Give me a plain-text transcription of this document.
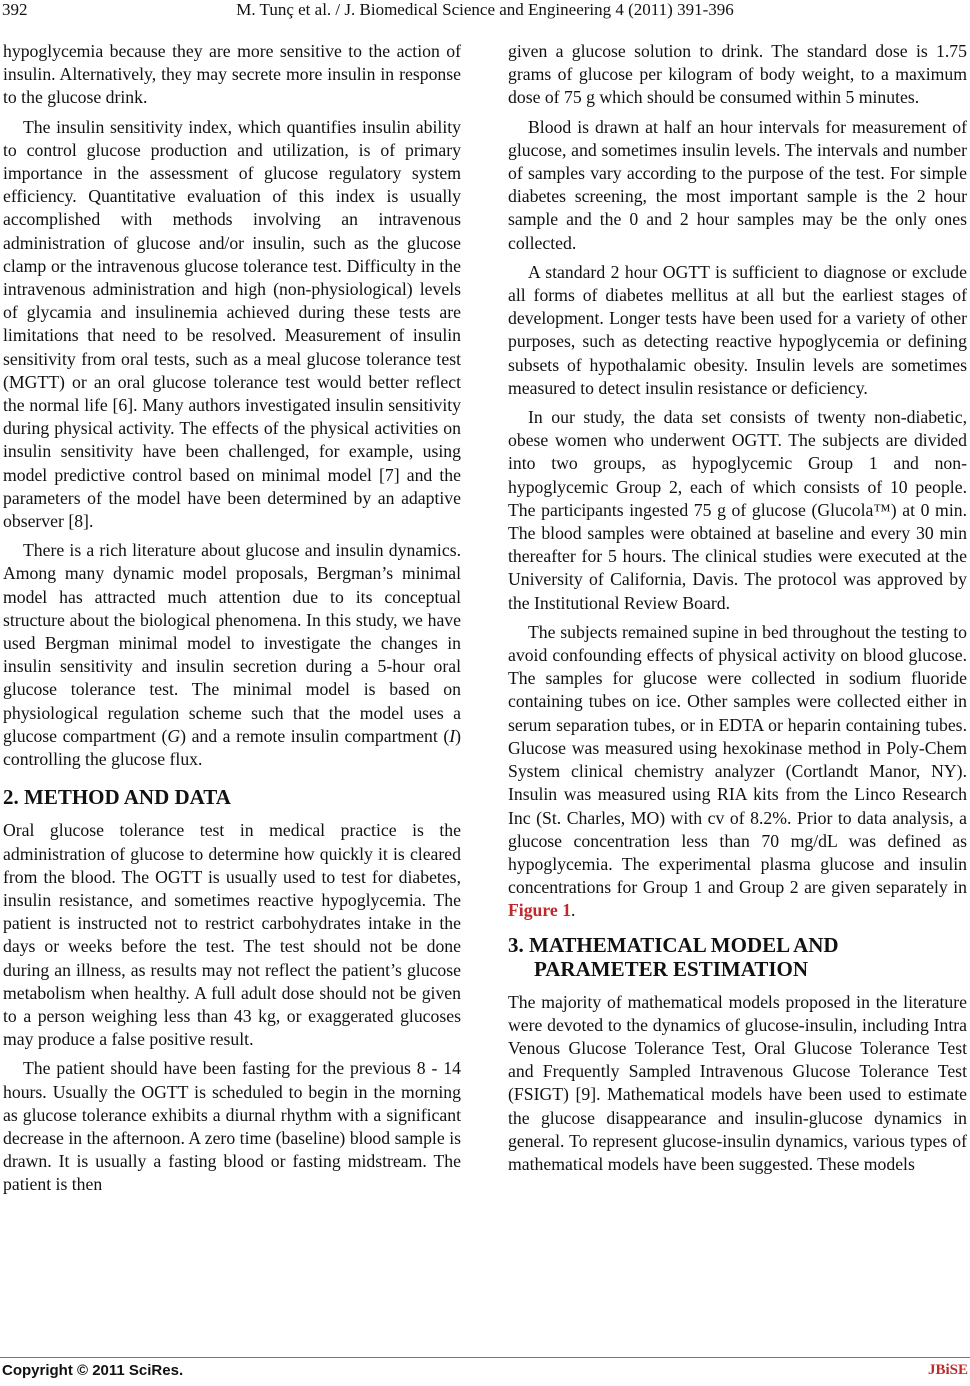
392	M. Tunç et al. / J. Biomedical Science and Engineering 4 (2011) 391-396

hypoglycemia because they are more sensitive to the action of insulin. Alternatively, they may secrete more insulin in response to the glucose drink.

The insulin sensitivity index, which quantifies insulin ability to control glucose production and utilization, is of primary importance in the assessment of glucose regulatory system efficiency. Quantitative evaluation of this index is usually accomplished with methods involving an intravenous administration of glucose and/or insulin, such as the glucose clamp or the intravenous glucose tolerance test. Difficulty in the intravenous administration and high (non-physiological) levels of glycamia and insulinemia achieved during these tests are limitations that need to be resolved. Measurement of insulin sensitivity from oral tests, such as a meal glucose tolerance test (MGTT) or an oral glucose tolerance test would better reflect the normal life [6]. Many authors investigated insulin sensitivity during physical activity. The effects of the physical activities on insulin sensitivity have been challenged, for example, using model predictive control based on minimal model [7] and the parameters of the model have been determined by an adaptive observer [8].

There is a rich literature about glucose and insulin dynamics. Among many dynamic model proposals, Bergman’s minimal model has attracted much attention due to its conceptual structure about the biological phenomena. In this study, we have used Bergman minimal model to investigate the changes in insulin sensitivity and insulin secretion during a 5-hour oral glucose tolerance test. The minimal model is based on physiological regulation scheme such that the model uses a glucose compartment (G) and a remote insulin compartment (I) controlling the glucose flux.

2. METHOD AND DATA

Oral glucose tolerance test in medical practice is the administration of glucose to determine how quickly it is cleared from the blood. The OGTT is usually used to test for diabetes, insulin resistance, and sometimes reactive hypoglycemia. The patient is instructed not to restrict carbohydrates intake in the days or weeks before the test. The test should not be done during an illness, as results may not reflect the patient’s glucose metabolism when healthy. A full adult dose should not be given to a person weighing less than 43 kg, or exaggerated glucoses may produce a false positive result.

The patient should have been fasting for the previous 8 - 14 hours. Usually the OGTT is scheduled to begin in the morning as glucose tolerance exhibits a diurnal rhythm with a significant decrease in the afternoon. A zero time (baseline) blood sample is drawn. It is usually a fasting blood or fasting midstream. The patient is then

given a glucose solution to drink. The standard dose is 1.75 grams of glucose per kilogram of body weight, to a maximum dose of 75 g which should be consumed within 5 minutes.

Blood is drawn at half an hour intervals for measurement of glucose, and sometimes insulin levels. The intervals and number of samples vary according to the purpose of the test. For simple diabetes screening, the most important sample is the 2 hour sample and the 0 and 2 hour samples may be the only ones collected.

A standard 2 hour OGTT is sufficient to diagnose or exclude all forms of diabetes mellitus at all but the earliest stages of development. Longer tests have been used for a variety of other purposes, such as detecting reactive hypoglycemia or defining subsets of hypothalamic obesity. Insulin levels are sometimes measured to detect insulin resistance or deficiency.

In our study, the data set consists of twenty non-diabetic, obese women who underwent OGTT. The subjects are divided into two groups, as hypoglycemic Group 1 and non-hypoglycemic Group 2, each of which consists of 10 people. The participants ingested 75 g of glucose (Glucola™) at 0 min. The blood samples were obtained at baseline and every 30 min thereafter for 5 hours. The clinical studies were executed at the University of California, Davis. The protocol was approved by the Institutional Review Board.

The subjects remained supine in bed throughout the testing to avoid confounding effects of physical activity on blood glucose. The samples for glucose were collected in sodium fluoride containing tubes on ice. Other samples were collected either in serum separation tubes, or in EDTA or heparin containing tubes. Glucose was measured using hexokinase method in Poly-Chem System clinical chemistry analyzer (Cortlandt Manor, NY). Insulin was measured using RIA kits from the Linco Research Inc (St. Charles, MO) with cv of 8.2%. Prior to data analysis, a glucose concentration less than 70 mg/dL was defined as hypoglycemia. The experimental plasma glucose and insulin concentrations for Group 1 and Group 2 are given separately in Figure 1.

3. MATHEMATICAL MODEL AND PARAMETER ESTIMATION

The majority of mathematical models proposed in the literature were devoted to the dynamics of glucose-insulin, including Intra Venous Glucose Tolerance Test, Oral Glucose Tolerance Test and Frequently Sampled Intravenous Glucose Tolerance Test (FSIGT) [9]. Mathematical models have been used to estimate the glucose disappearance and insulin-glucose dynamics in general. To represent glucose-insulin dynamics, various types of mathematical models have been suggested. These models

Copyright © 2011 SciRes.	JBiSE
